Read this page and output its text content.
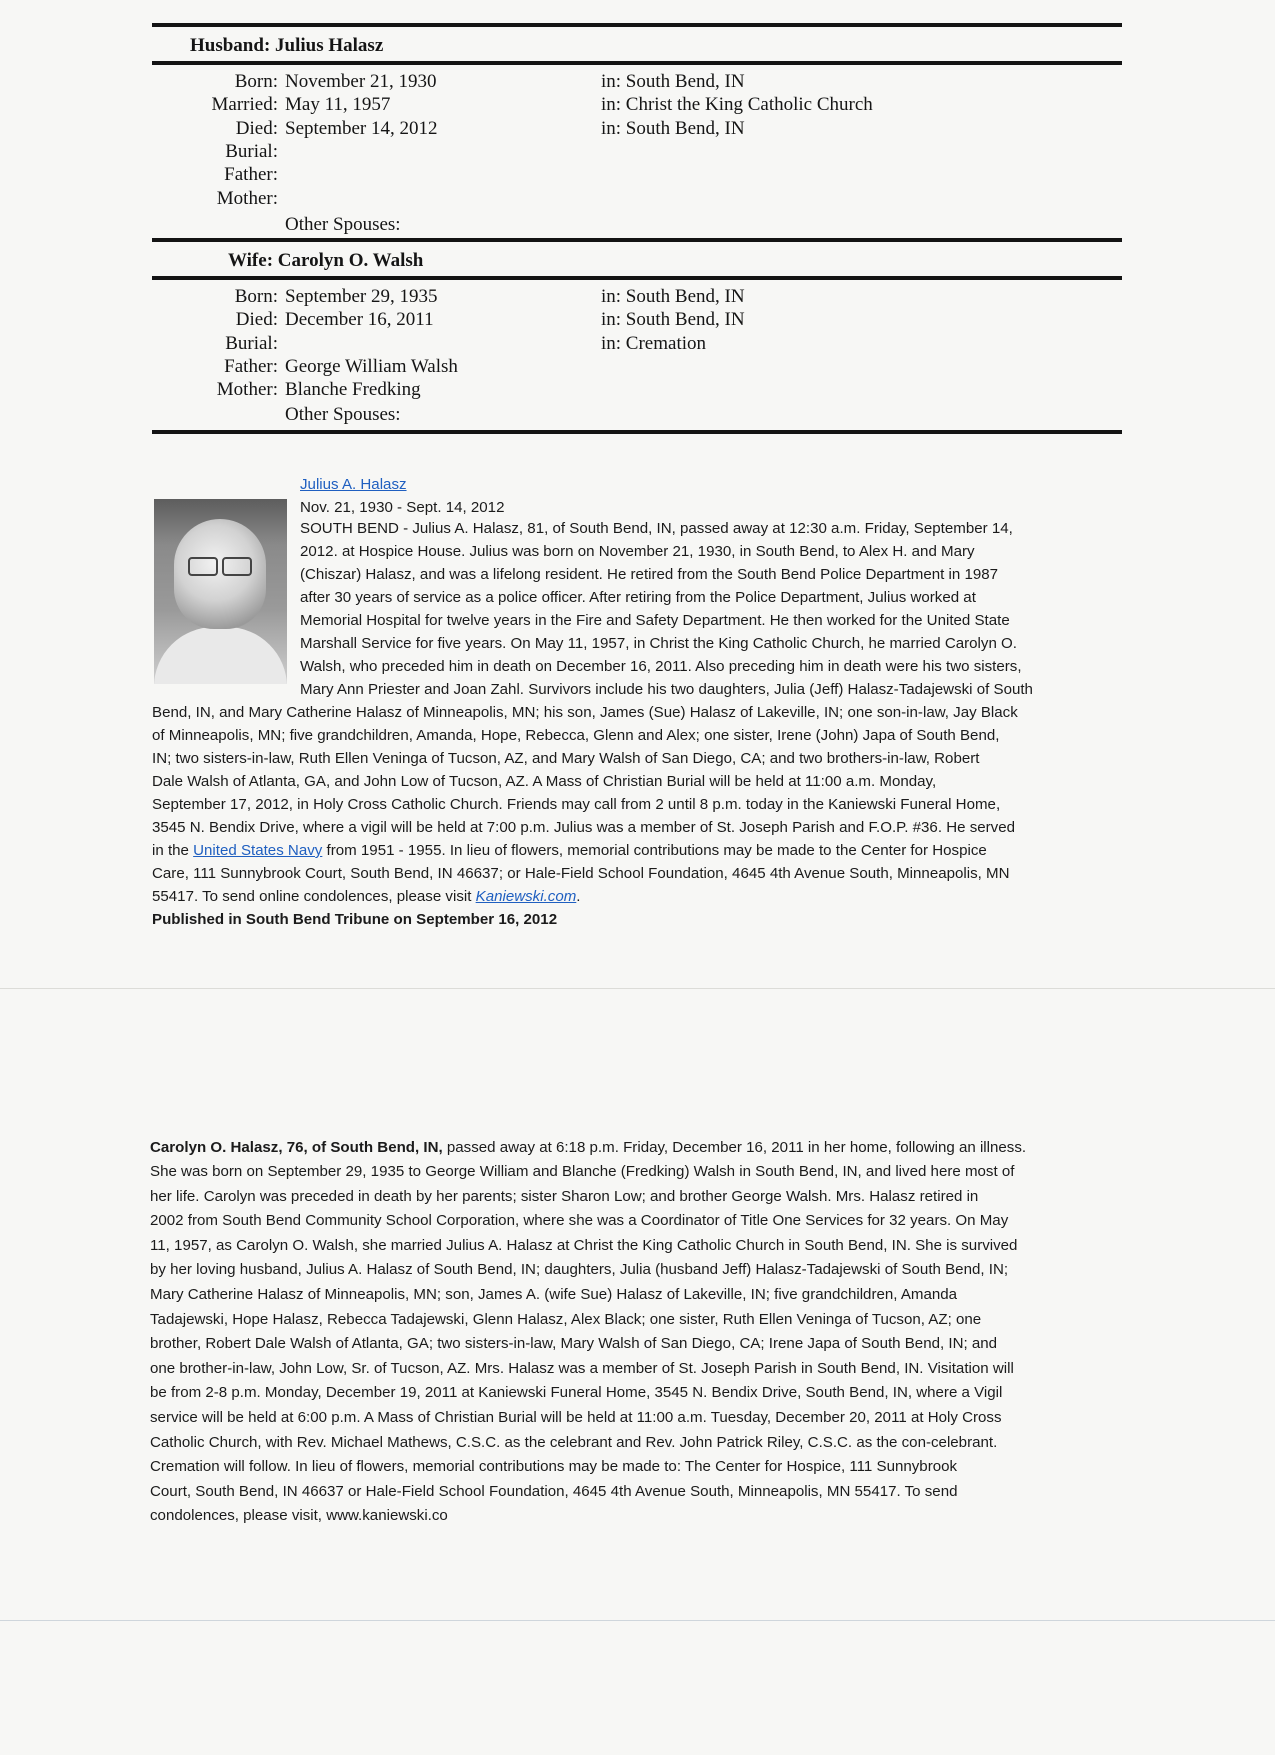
Husband: Julius Halasz
Born: November 21, 1930	in: South Bend, IN
Married: May 11, 1957	in: Christ the King Catholic Church
Died: September 14, 2012	in: South Bend, IN
Burial:
Father:
Mother:
Other Spouses:
Wife: Carolyn O. Walsh
Born: September 29, 1935	in: South Bend, IN
Died: December 16, 2011	in: South Bend, IN
Burial:	in: Cremation
Father: George William Walsh
Mother: Blanche Fredking
Other Spouses:
Julius A. Halasz
Nov. 21, 1930 - Sept. 14, 2012
SOUTH BEND - Julius A. Halasz, 81, of South Bend, IN, passed away at 12:30 a.m. Friday, September 14,
2012. at Hospice House. Julius was born on November 21, 1930, in South Bend, to Alex H. and Mary
(Chiszar) Halasz, and was a lifelong resident. He retired from the South Bend Police Department in 1987
after 30 years of service as a police officer. After retiring from the Police Department, Julius worked at
Memorial Hospital for twelve years in the Fire and Safety Department. He then worked for the United State
Marshall Service for five years. On May 11, 1957, in Christ the King Catholic Church, he married Carolyn O.
Walsh, who preceded him in death on December 16, 2011. Also preceding him in death were his two sisters,
Mary Ann Priester and Joan Zahl. Survivors include his two daughters, Julia (Jeff) Halasz-Tadajewski of South
Bend, IN, and Mary Catherine Halasz of Minneapolis, MN; his son, James (Sue) Halasz of Lakeville, IN; one son-in-law, Jay Black
of Minneapolis, MN; five grandchildren, Amanda, Hope, Rebecca, Glenn and Alex; one sister, Irene (John) Japa of South Bend,
IN; two sisters-in-law, Ruth Ellen Veninga of Tucson, AZ, and Mary Walsh of San Diego, CA; and two brothers-in-law, Robert
Dale Walsh of Atlanta, GA, and John Low of Tucson, AZ. A Mass of Christian Burial will be held at 11:00 a.m. Monday,
September 17, 2012, in Holy Cross Catholic Church. Friends may call from 2 until 8 p.m. today in the Kaniewski Funeral Home,
3545 N. Bendix Drive, where a vigil will be held at 7:00 p.m. Julius was a member of St. Joseph Parish and F.O.P. #36. He served
in the United States Navy from 1951 - 1955. In lieu of flowers, memorial contributions may be made to the Center for Hospice
Care, 111 Sunnybrook Court, South Bend, IN 46637; or Hale-Field School Foundation, 4645 4th Avenue South, Minneapolis, MN
55417. To send online condolences, please visit Kaniewski.com.
Published in South Bend Tribune on September 16, 2012
Carolyn O. Halasz, 76, of South Bend, IN, passed away at 6:18 p.m. Friday, December 16, 2011 in her home, following an illness.
She was born on September 29, 1935 to George William and Blanche (Fredking) Walsh in South Bend, IN, and lived here most of
her life. Carolyn was preceded in death by her parents; sister Sharon Low; and brother George Walsh. Mrs. Halasz retired in
2002 from South Bend Community School Corporation, where she was a Coordinator of Title One Services for 32 years. On May
11, 1957, as Carolyn O. Walsh, she married Julius A. Halasz at Christ the King Catholic Church in South Bend, IN. She is survived
by her loving husband, Julius A. Halasz of South Bend, IN; daughters, Julia (husband Jeff) Halasz-Tadajewski of South Bend, IN;
Mary Catherine Halasz of Minneapolis, MN; son, James A. (wife Sue) Halasz of Lakeville, IN; five grandchildren, Amanda
Tadajewski, Hope Halasz, Rebecca Tadajewski, Glenn Halasz, Alex Black; one sister, Ruth Ellen Veninga of Tucson, AZ; one
brother, Robert Dale Walsh of Atlanta, GA; two sisters-in-law, Mary Walsh of San Diego, CA; Irene Japa of South Bend, IN; and
one brother-in-law, John Low, Sr. of Tucson, AZ. Mrs. Halasz was a member of St. Joseph Parish in South Bend, IN. Visitation will
be from 2-8 p.m. Monday, December 19, 2011 at Kaniewski Funeral Home, 3545 N. Bendix Drive, South Bend, IN, where a Vigil
service will be held at 6:00 p.m. A Mass of Christian Burial will be held at 11:00 a.m. Tuesday, December 20, 2011 at Holy Cross
Catholic Church, with Rev. Michael Mathews, C.S.C. as the celebrant and Rev. John Patrick Riley, C.S.C. as the con-celebrant.
Cremation will follow. In lieu of flowers, memorial contributions may be made to: The Center for Hospice, 111 Sunnybrook
Court, South Bend, IN 46637 or Hale-Field School Foundation, 4645 4th Avenue South, Minneapolis, MN 55417. To send
condolences, please visit, www.kaniewski.co
